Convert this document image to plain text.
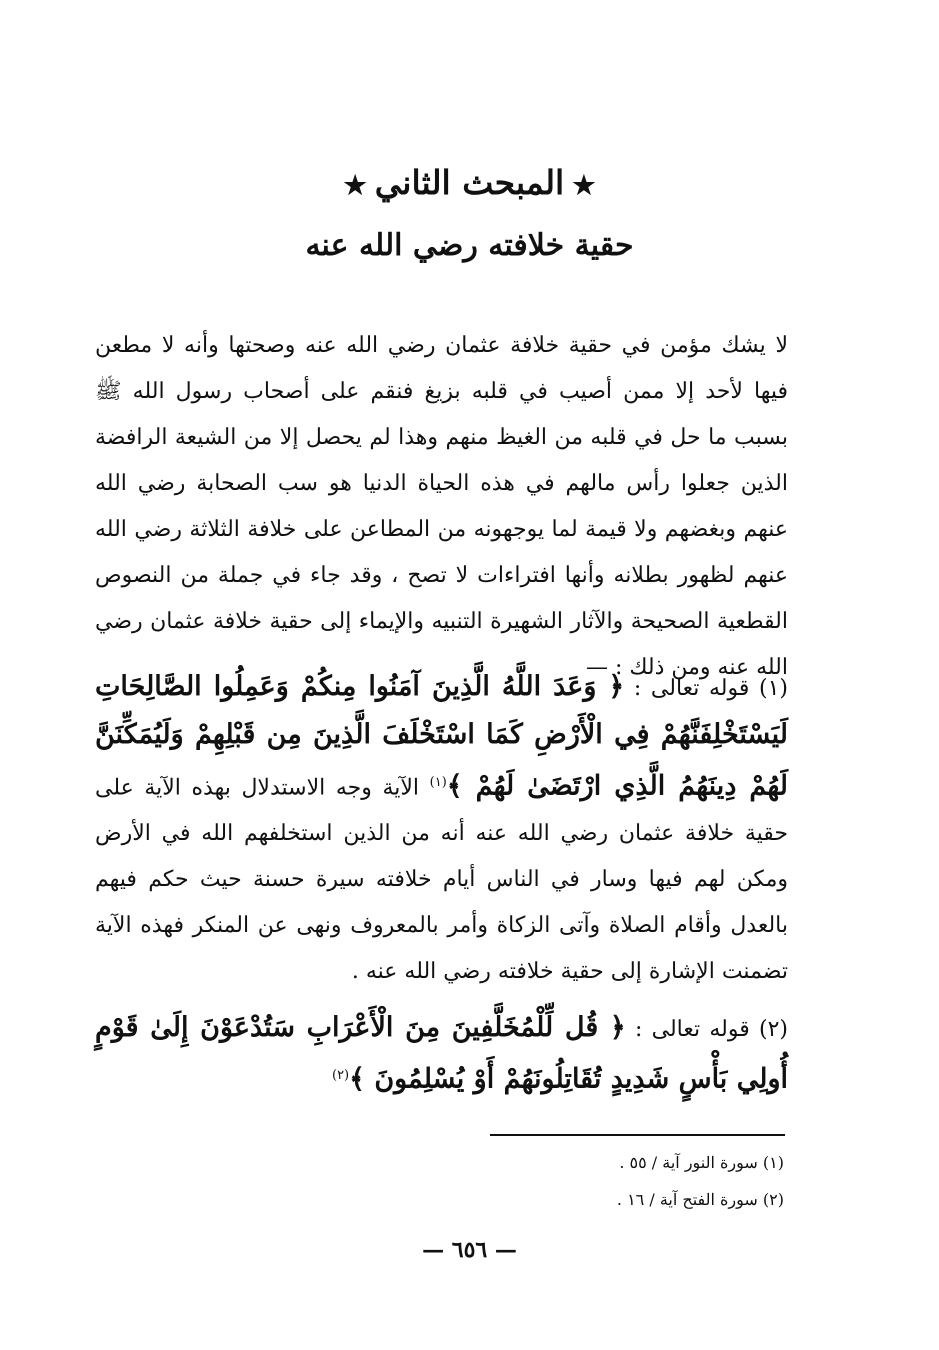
★المبحث الثاني★
حقية خلافته رضي الله عنه
لا يشك مؤمن في حقية خلافة عثمان رضي الله عنه وصحتها وأنه لا مطعن فيها لأحد إلا ممن أصيب في قلبه بزيغ فنقم على أصحاب رسول الله ﷺ بسبب ما حل في قلبه من الغيظ منهم وهذا لم يحصل إلا من الشيعة الرافضة الذين جعلوا رأس مالهم في هذه الحياة الدنيا هو سب الصحابة رضي الله عنهم وبغضهم ولا قيمة لما يوجهونه من المطاعن على خلافة الثلاثة رضي الله عنهم لظهور بطلانه وأنها افتراءات لا تصح ، وقد جاء في جملة من النصوص القطعية الصحيحة والآثار الشهيرة التنبيه والإيماء إلى حقية خلافة عثمان رضي الله عنه ومن ذلك : —
(١) قوله تعالى : ﴿ وَعَدَ اللَّهُ الَّذِينَ آمَنُوا مِنكُمْ وَعَمِلُوا الصَّالِحَاتِ لَيَسْتَخْلِفَنَّهُمْ فِي الْأَرْضِ كَمَا اسْتَخْلَفَ الَّذِينَ مِن قَبْلِهِمْ وَلَيُمَكِّنَنَّ لَهُمْ دِينَهُمُ الَّذِي ارْتَضَىٰ لَهُمْ ﴾$^{(١)}$ الآية وجه الاستدلال بهذه الآية على حقية خلافة عثمان رضي الله عنه أنه من الذين استخلفهم الله في الأرض ومكن لهم فيها وسار في الناس أيام خلافته سيرة حسنة حيث حكم فيهم بالعدل وأقام الصلاة وآتى الزكاة وأمر بالمعروف ونهى عن المنكر فهذه الآية تضمنت الإشارة إلى حقية خلافته رضي الله عنه .
(٢) قوله تعالى : ﴿ قُل لِّلْمُخَلَّفِينَ مِنَ الْأَعْرَابِ سَتُدْعَوْنَ إِلَىٰ قَوْمٍ أُولِي بَأْسٍ شَدِيدٍ تُقَاتِلُونَهُمْ أَوْ يُسْلِمُونَ ﴾$^{(٢)}$
(١) سورة النور آية / ٥٥ .
(٢) سورة الفتح آية / ١٦ .
— ٦٥٦ —
